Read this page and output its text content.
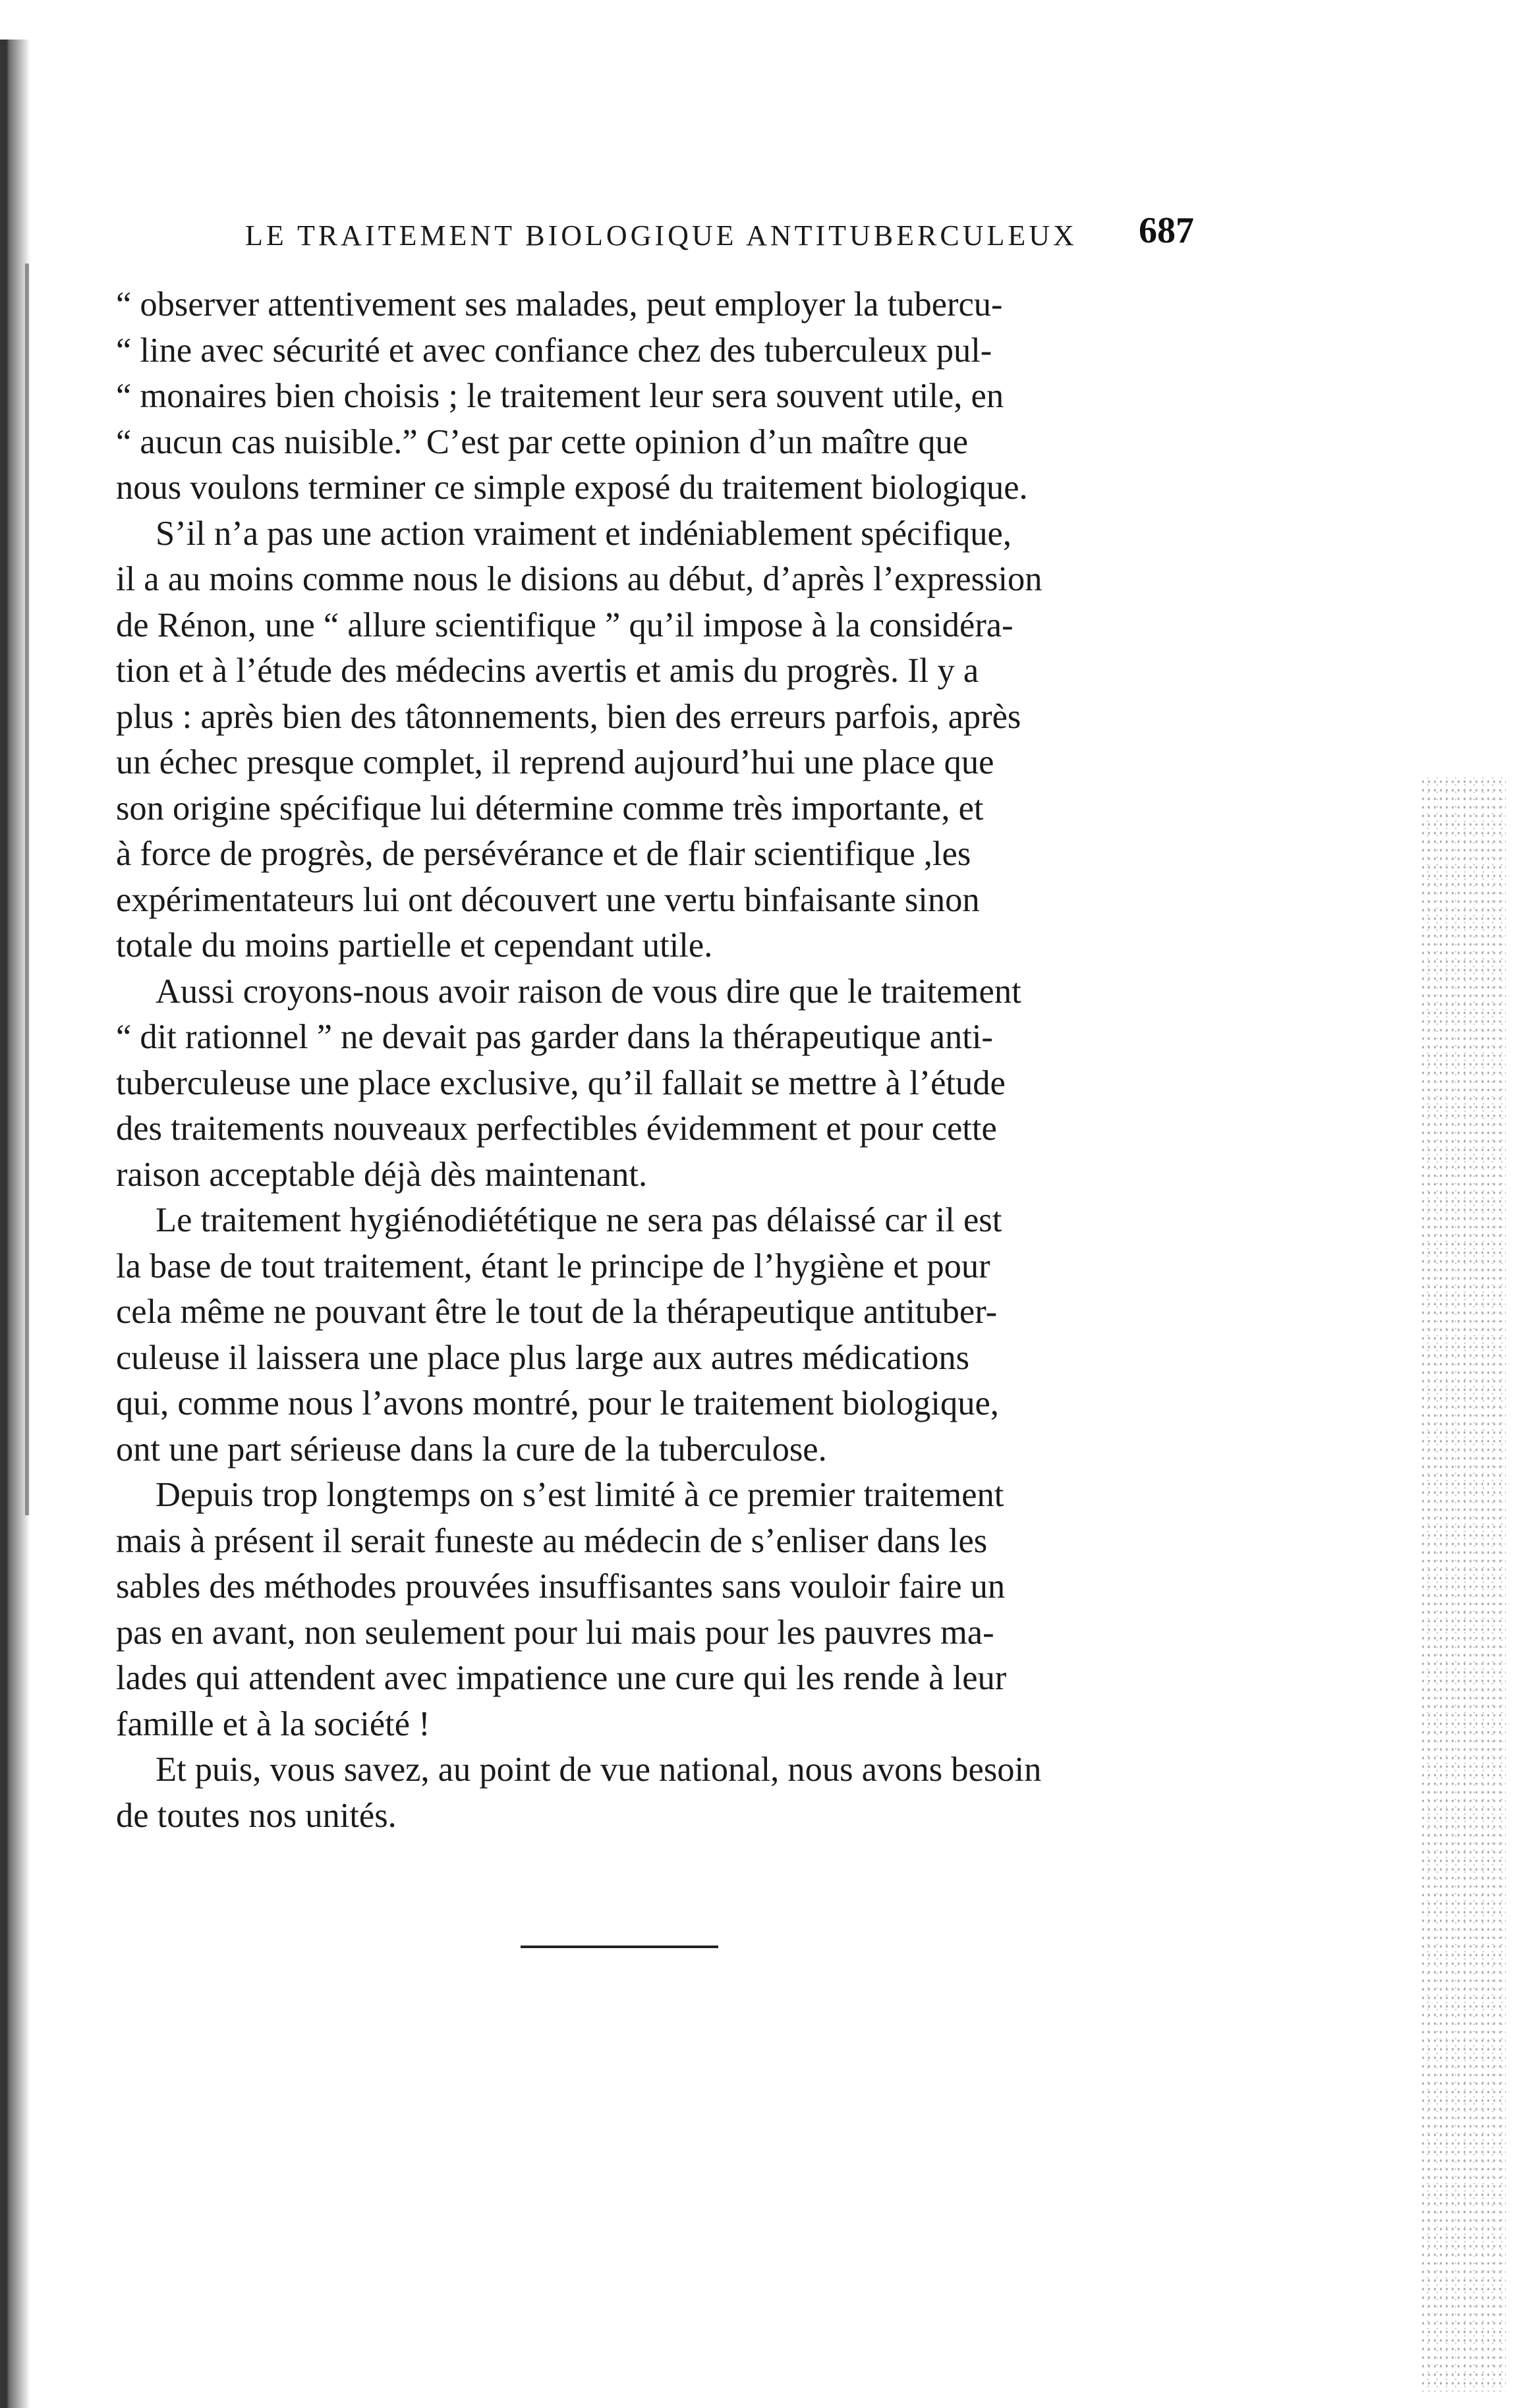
LE TRAITEMENT BIOLOGIQUE ANTITUBERCULEUX 687

“ observer attentivement ses malades, peut employer la tubercu-
“ line avec sécurité et avec confiance chez des tuberculeux pul-
“ monaires bien choisis ; le traitement leur sera souvent utile, en
“ aucun cas nuisible.” C’est par cette opinion d’un maître que
nous voulons terminer ce simple exposé du traitement biologique.

S’il n’a pas une action vraiment et indéniablement spécifique,
il a au moins comme nous le disions au début, d’après l’expression
de Rénon, une “ allure scientifique ” qu’il impose à la considéra-
tion et à l’étude des médecins avertis et amis du progrès. Il y a
plus : après bien des tâtonnements, bien des erreurs parfois, après
un échec presque complet, il reprend aujourd’hui une place que
son origine spécifique lui détermine comme très importante, et
à force de progrès, de persévérance et de flair scientifique ,les
expérimentateurs lui ont découvert une vertu binfaisante sinon
totale du moins partielle et cependant utile.

Aussi croyons-nous avoir raison de vous dire que le traitement
“ dit rationnel ” ne devait pas garder dans la thérapeutique anti-
tuberculeuse une place exclusive, qu’il fallait se mettre à l’étude
des traitements nouveaux perfectibles évidemment et pour cette
raison acceptable déjà dès maintenant.

Le traitement hygiénodiététique ne sera pas délaissé car il est
la base de tout traitement, étant le principe de l’hygiène et pour
cela même ne pouvant être le tout de la thérapeutique antituber-
culeuse il laissera une place plus large aux autres médications
qui, comme nous l’avons montré, pour le traitement biologique,
ont une part sérieuse dans la cure de la tuberculose.

Depuis trop longtemps on s’est limité à ce premier traitement
mais à présent il serait funeste au médecin de s’enliser dans les
sables des méthodes prouvées insuffisantes sans vouloir faire un
pas en avant, non seulement pour lui mais pour les pauvres ma-
lades qui attendent avec impatience une cure qui les rende à leur
famille et à la société !

Et puis, vous savez, au point de vue national, nous avons besoin
de toutes nos unités.
